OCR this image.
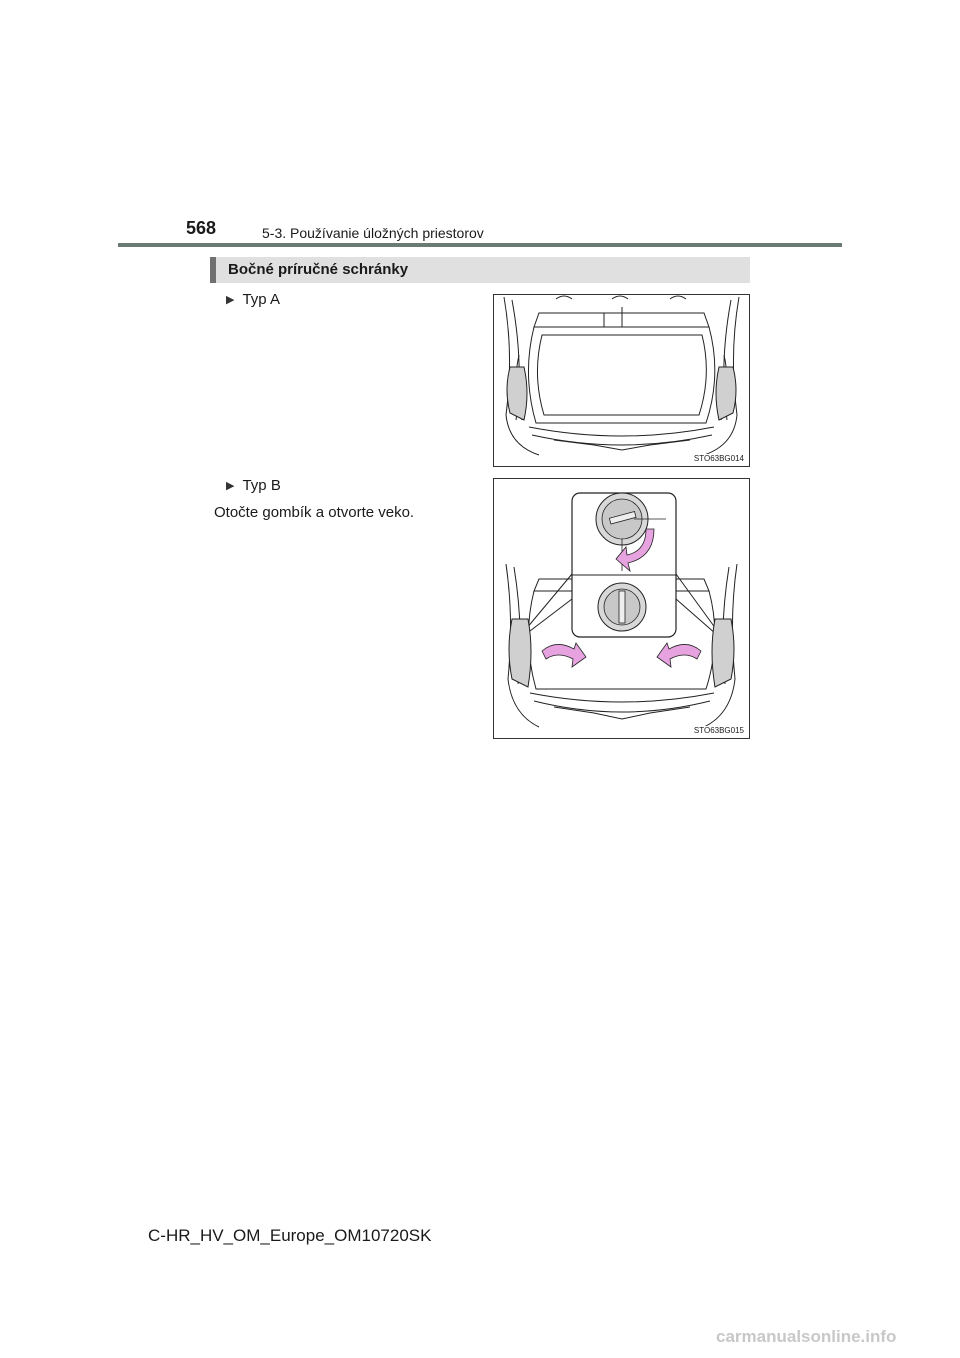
568	5-3. Používanie úložných priestorov
Bočné príručné schránky
▶ Typ A
STO63BG014
▶ Typ B
Otočte gombík a otvorte veko.
STO63BG015
C-HR_HV_OM_Europe_OM10720SK
carmanualsonline.info
